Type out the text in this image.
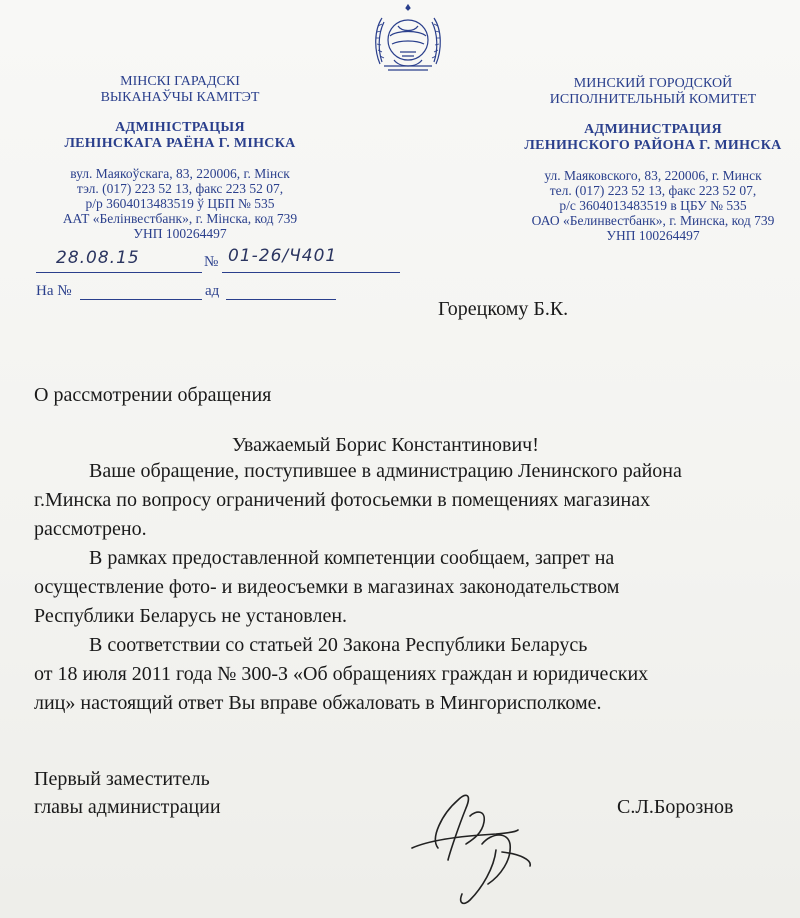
МІНСКІ ГАРАДСКІ
ВЫКАНАЎЧЫ КАМІТЭТ
АДМІНІСТРАЦЫЯ
ЛЕНІНСКАГА РАЁНА Г. МІНСКА
вул. Маякоўскага, 83, 220006, г. Мінск
тэл. (017) 223 52 13, факс 223 52 07,
р/р 3604013483519 ў ЦБП № 535
ААТ «Белінвестбанк», г. Мінска, код 739
УНП 100264497
МИНСКИЙ ГОРОДСКОЙ
ИСПОЛНИТЕЛЬНЫЙ КОМИТЕТ
АДМИНИСТРАЦИЯ
ЛЕНИНСКОГО РАЙОНА Г. МИНСКА
ул. Маяковского, 83, 220006, г. Минск
тел. (017) 223 52 13, факс 223 52 07,
р/с 3604013483519 в ЦБУ № 535
ОАО «Белинвестбанк», г. Минска, код 739
УНП 100264497
28.08.15	№ 01-26/Ч401
На №	ад
Горецкому Б.К.
О рассмотрении обращения
Уважаемый Борис Константинович!

Ваше обращение, поступившее в администрацию Ленинского района

г.Минска по вопросу ограничений фотосьемки в помещениях магазинах

рассмотрено.

В рамках предоставленной компетенции сообщаем, запрет на

осуществление фото- и видеосъемки в магазинах законодательством

Республики Беларусь не установлен.

В соответствии со статьей 20 Закона Республики Беларусь

от 18 июля 2011 года № 300-З «Об обращениях граждан и юридических

лиц» настоящий ответ Вы вправе обжаловать в Мингорисполкоме.

Первый заместитель
главы администрации	С.Л.Борознов
